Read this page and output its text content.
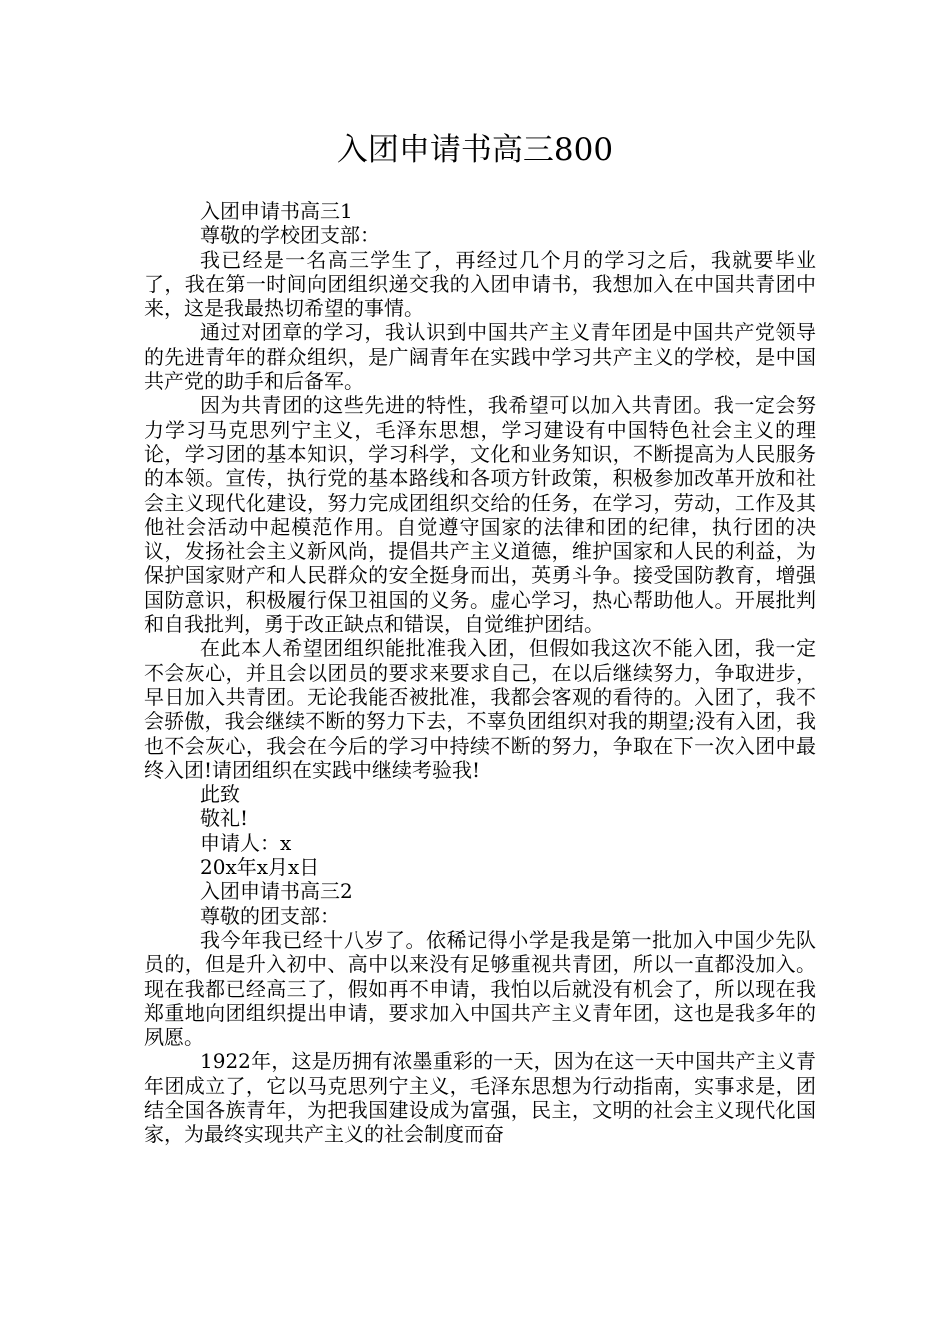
入团申请书高三800

入团申请书高三1

尊敬的学校团支部：

我已经是一名高三学生了，再经过几个月的学习之后，我就要毕业了，我在第一时间向团组织递交我的入团申请书，我想加入在中国共青团中来，这是我最热切希望的事情。

通过对团章的学习，我认识到中国共产主义青年团是中国共产党领导的先进青年的群众组织，是广阔青年在实践中学习共产主义的学校，是中国共产党的助手和后备军。

因为共青团的这些先进的特性，我希望可以加入共青团。我一定会努力学习马克思列宁主义，毛泽东思想，学习建设有中国特色社会主义的理论，学习团的基本知识，学习科学，文化和业务知识，不断提高为人民服务的本领。宣传，执行党的基本路线和各项方针政策，积极参加改革开放和社会主义现代化建设，努力完成团组织交给的任务，在学习，劳动，工作及其他社会活动中起模范作用。自觉遵守国家的法律和团的纪律，执行团的决议，发扬社会主义新风尚，提倡共产主义道德，维护国家和人民的利益，为保护国家财产和人民群众的安全挺身而出，英勇斗争。接受国防教育，增强国防意识，积极履行保卫祖国的义务。虚心学习，热心帮助他人。开展批判和自我批判，勇于改正缺点和错误，自觉维护团结。

在此本人希望团组织能批准我入团，但假如我这次不能入团，我一定不会灰心，并且会以团员的要求来要求自己，在以后继续努力，争取进步，早日加入共青团。无论我能否被批准，我都会客观的看待的。入团了，我不会骄傲，我会继续不断的努力下去，不辜负团组织对我的期望;没有入团，我也不会灰心，我会在今后的学习中持续不断的努力，争取在下一次入团中最终入团!请团组织在实践中继续考验我!

此致

敬礼!

申请人：x

20x年x月x日

入团申请书高三2

尊敬的团支部：

我今年我已经十八岁了。依稀记得小学是我是第一批加入中国少先队员的，但是升入初中、高中以来没有足够重视共青团，所以一直都没加入。现在我都已经高三了，假如再不申请，我怕以后就没有机会了，所以现在我郑重地向团组织提出申请，要求加入中国共产主义青年团，这也是我多年的夙愿。

1922年，这是历拥有浓墨重彩的一天，因为在这一天中国共产主义青年团成立了，它以马克思列宁主义，毛泽东思想为行动指南，实事求是，团结全国各族青年，为把我国建设成为富强，民主，文明的社会主义现代化国家，为最终实现共产主义的社会制度而奋
